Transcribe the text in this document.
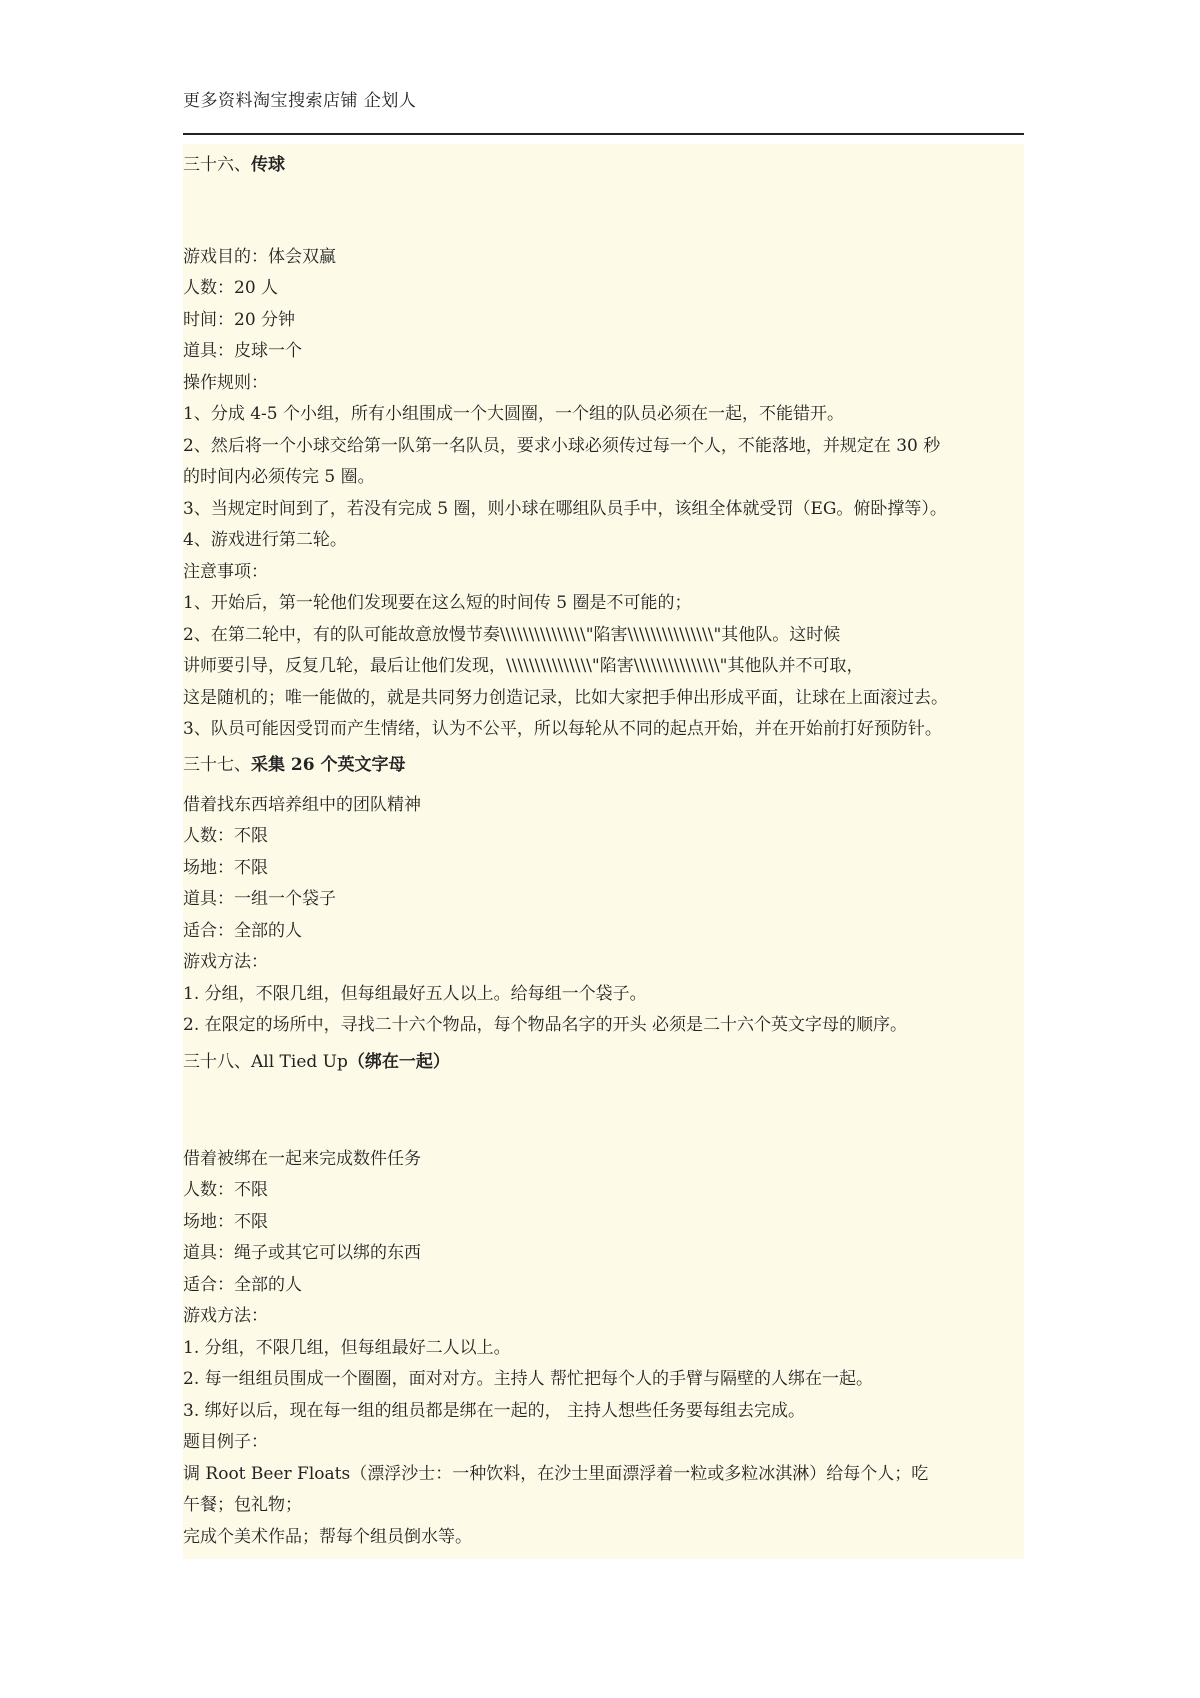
更多资料淘宝搜索店铺 企划人
三十六、传球
游戏目的：体会双赢
人数：20 人
时间：20 分钟
道具：皮球一个
操作规则：
1、分成 4-5 个小组，所有小组围成一个大圆圈，一个组的队员必须在一起，不能错开。
2、然后将一个小球交给第一队第一名队员，要求小球必须传过每一个人，不能落地，并规定在 30 秒
的时间内必须传完 5 圈。
3、当规定时间到了，若没有完成 5 圈，则小球在哪组队员手中，该组全体就受罚（EG。俯卧撑等）。
4、游戏进行第二轮。
注意事项：
1、开始后，第一轮他们发现要在这么短的时间传 5 圈是不可能的；
2、在第二轮中，有的队可能故意放慢节奏\\\\\\\\\\\\\\\"陷害\\\\\\\\\\\\\\\"其他队。这时候
讲师要引导，反复几轮，最后让他们发现，\\\\\\\\\\\\\\\"陷害\\\\\\\\\\\\\\\"其他队并不可取，
这是随机的；唯一能做的，就是共同努力创造记录，比如大家把手伸出形成平面，让球在上面滚过去。
3、队员可能因受罚而产生情绪，认为不公平，所以每轮从不同的起点开始，并在开始前打好预防针。
三十七、采集 26 个英文字母
借着找东西培养组中的团队精神
人数：不限
场地：不限
道具：一组一个袋子
适合：全部的人
游戏方法：
1. 分组，不限几组，但每组最好五人以上。给每组一个袋子。
2. 在限定的场所中，寻找二十六个物品，每个物品名字的开头 必须是二十六个英文字母的顺序。
三十八、All Tied Up（绑在一起）
借着被绑在一起来完成数件任务
人数：不限
场地：不限
道具：绳子或其它可以绑的东西
适合：全部的人
游戏方法：
1. 分组，不限几组，但每组最好二人以上。
2. 每一组组员围成一个圈圈，面对对方。主持人 帮忙把每个人的手臂与隔壁的人绑在一起。
3. 绑好以后，现在每一组的组员都是绑在一起的， 主持人想些任务要每组去完成。
题目例子：
调 Root Beer Floats（漂浮沙士：一种饮料，在沙士里面漂浮着一粒或多粒冰淇淋）给每个人；吃
午餐；包礼物；
完成个美术作品；帮每个组员倒水等。
